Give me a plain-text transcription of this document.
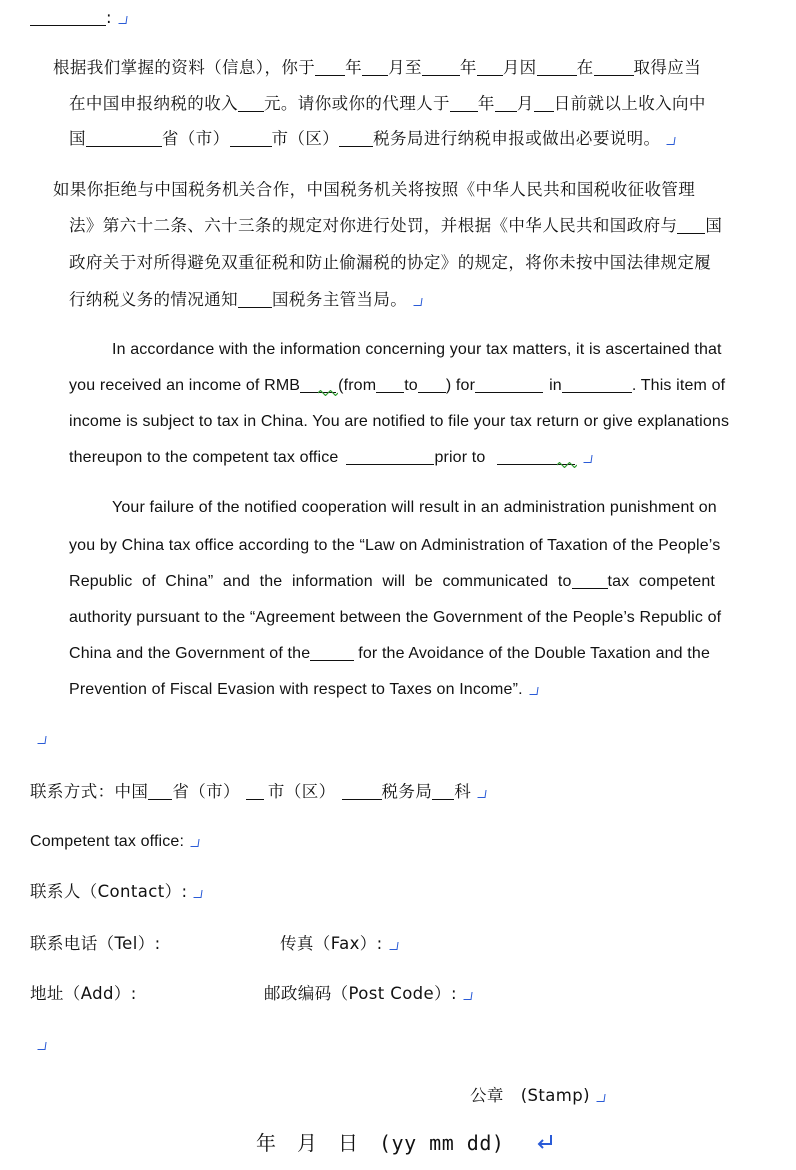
:
根据我们掌握的资料（信息），你于 年 月至 年 月因 在 取得应当
在中国申报纳税的收入 元。请你或你的代理人于 年 月 日前就以上收入向中
国	省（市）	市（区） 税务局进行纳税申报或做出必要说明。
如果你拒绝与中国税务机关合作，中国税务机关将按照《中华人民共和国税收征收管理
法》第六十二条、六十三条的规定对你进行处罚，并根据《中华人民共和国政府与 国
政府关于对所得避免双重征税和防止偷漏税的协定》的规定，将你未按中国法律规定履
行纳税义务的情况通知 国税务主管当局。
In accordance with the information concerning your tax matters, it is ascertained that
you received an income of RMB (from to ) for	in	. This item of
income is subject to tax in China. You are notified to file your tax return or give explanations
thereupon to the competent tax office	prior to
Your failure of the notified cooperation will result in an administration punishment on
you by China tax office according to the “Law on Administration of Taxation of the People’s
Republic of China” and the information will be communicated to tax competent
authority pursuant to the “Agreement between the Government of the People’s Republic of
China and the Government of the	for the Avoidance of the Double Taxation and the
Prevention of Fiscal Evasion with respect to Taxes on Income”.
联系方式：中国 省（市） 市（区）	税务局 科
Competent tax office:
联系人（Contact）:
联系电话（Tel）:	传真（Fax）:
地址（Add）:	邮政编码（Post Code）:
公章　(Stamp)
年　月　日　(yy mm dd)
